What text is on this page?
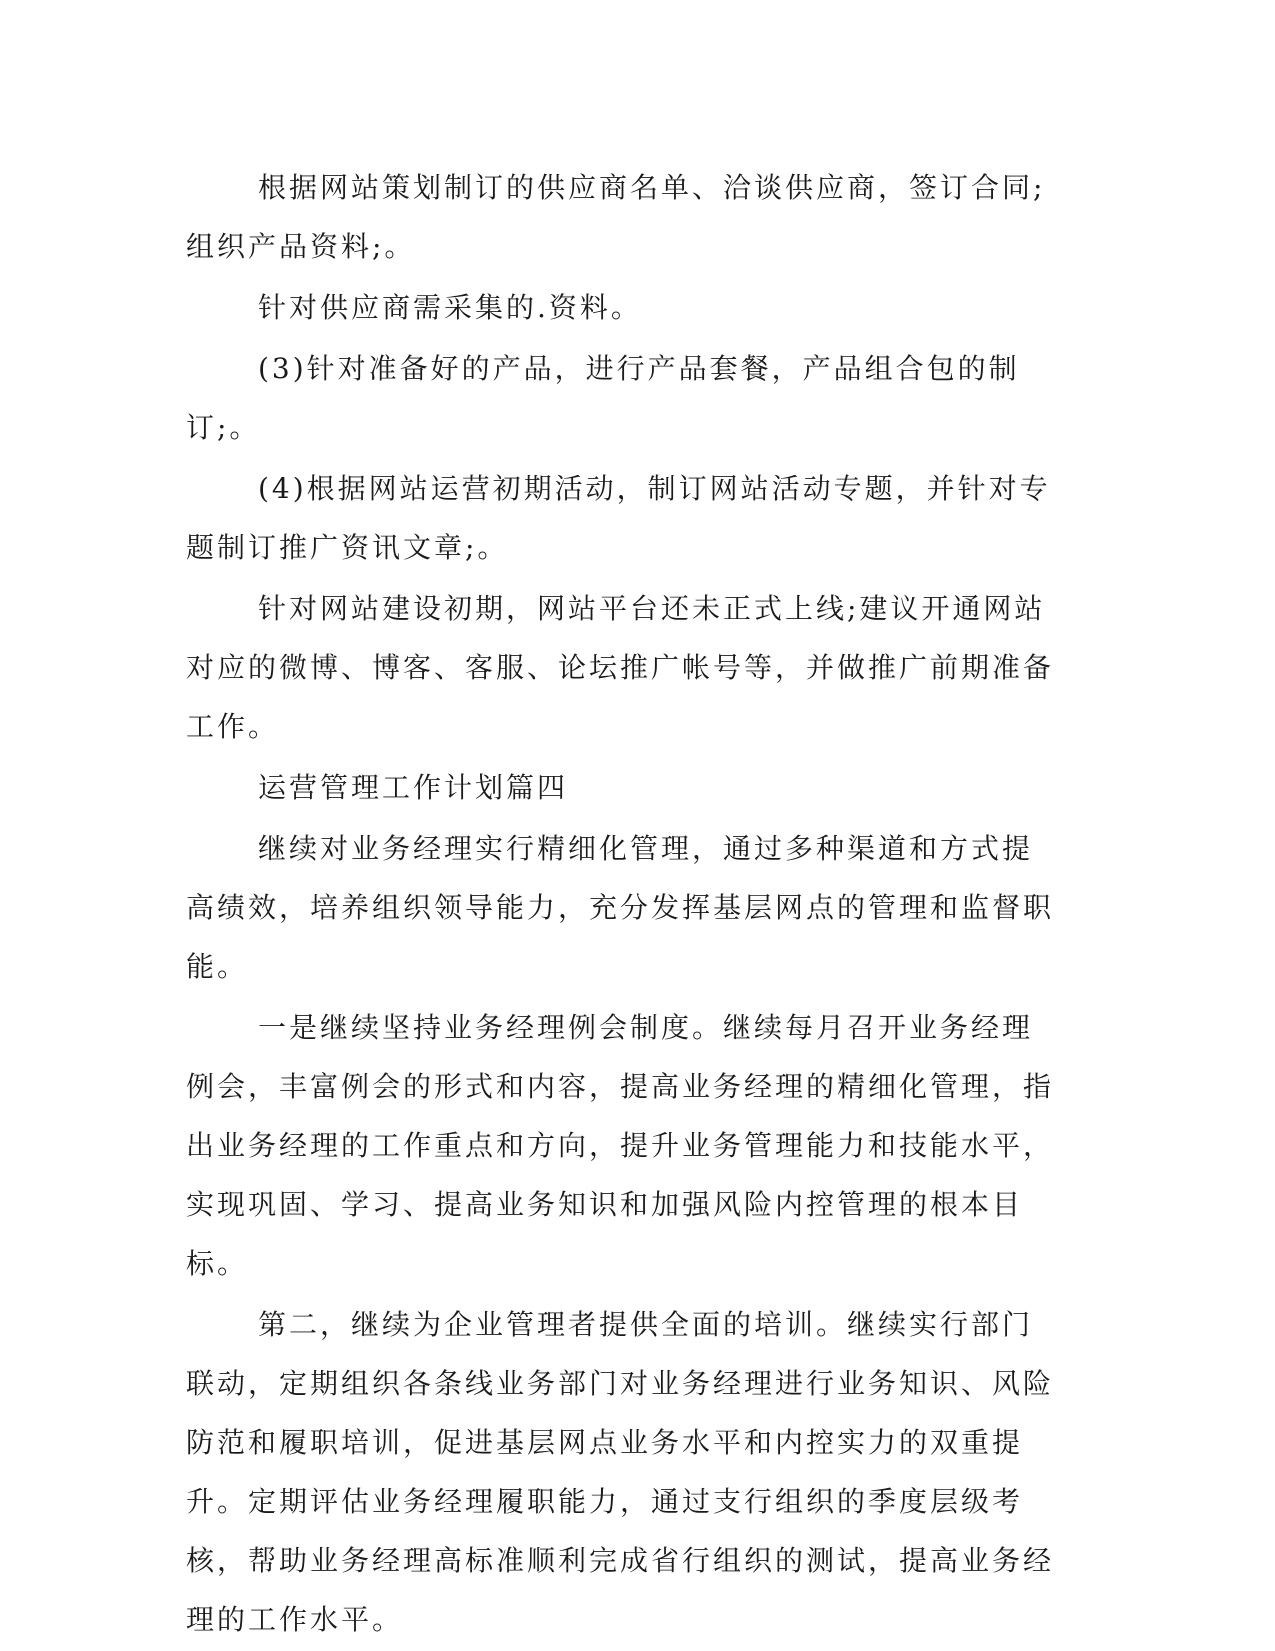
根据网站策划制订的供应商名单、洽谈供应商，签订合同;组织产品资料;。

针对供应商需采集的.资料。

(3)针对准备好的产品，进行产品套餐，产品组合包的制订;。

(4)根据网站运营初期活动，制订网站活动专题，并针对专题制订推广资讯文章;。

针对网站建设初期，网站平台还未正式上线;建议开通网站对应的微博、博客、客服、论坛推广帐号等，并做推广前期准备工作。

运营管理工作计划篇四

继续对业务经理实行精细化管理，通过多种渠道和方式提高绩效，培养组织领导能力，充分发挥基层网点的管理和监督职能。

一是继续坚持业务经理例会制度。继续每月召开业务经理例会，丰富例会的形式和内容，提高业务经理的精细化管理，指出业务经理的工作重点和方向，提升业务管理能力和技能水平，实现巩固、学习、提高业务知识和加强风险内控管理的根本目标。

第二，继续为企业管理者提供全面的培训。继续实行部门联动，定期组织各条线业务部门对业务经理进行业务知识、风险防范和履职培训，促进基层网点业务水平和内控实力的双重提升。定期评估业务经理履职能力，通过支行组织的季度层级考核，帮助业务经理高标准顺利完成省行组织的测试，提高业务经理的工作水平。
